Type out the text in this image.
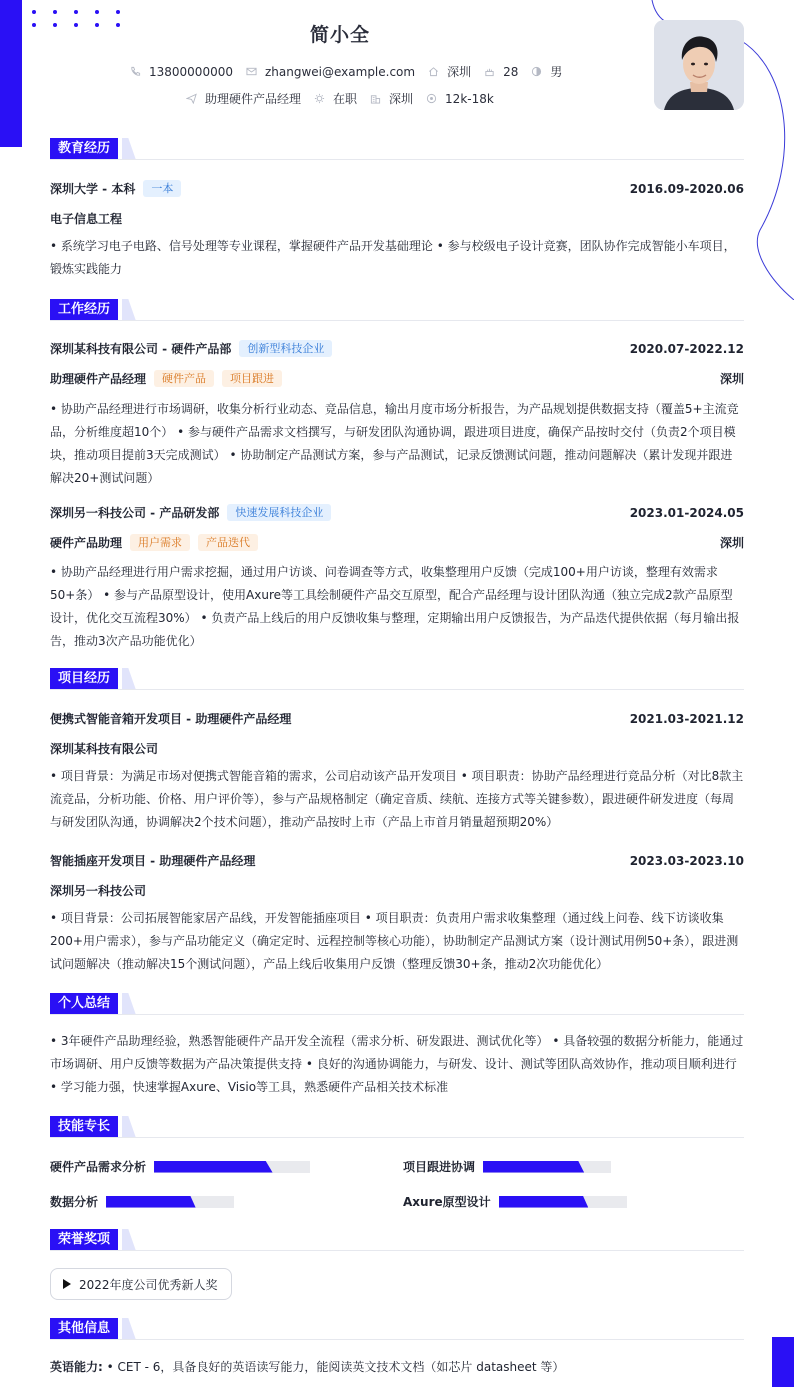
简小全
13800000000	zhangwei@example.com	深圳	28	男
助理硬件产品经理	在职	深圳	12k-18k
教育经历
深圳大学 - 本科	一本	2016.09-2020.06
电子信息工程
• 系统学习电子电路、信号处理等专业课程，掌握硬件产品开发基础理论 • 参与校级电子设计竞赛，团队协作完成智能小车项目，锻炼实践能力
工作经历
深圳某科技有限公司 - 硬件产品部	创新型科技企业	2020.07-2022.12
助理硬件产品经理	硬件产品	项目跟进	深圳
• 协助产品经理进行市场调研，收集分析行业动态、竞品信息，输出月度市场分析报告，为产品规划提供数据支持（覆盖5+主流竞品，分析维度超10个） • 参与硬件产品需求文档撰写，与研发团队沟通协调，跟进项目进度，确保产品按时交付（负责2个项目模块，推动项目提前3天完成测试） • 协助制定产品测试方案，参与产品测试，记录反馈测试问题，推动问题解决（累计发现并跟进解决20+测试问题）
深圳另一科技公司 - 产品研发部	快速发展科技企业	2023.01-2024.05
硬件产品助理	用户需求	产品迭代	深圳
• 协助产品经理进行用户需求挖掘，通过用户访谈、问卷调查等方式，收集整理用户反馈（完成100+用户访谈，整理有效需求50+条） • 参与产品原型设计，使用Axure等工具绘制硬件产品交互原型，配合产品经理与设计团队沟通（独立完成2款产品原型设计，优化交互流程30%） • 负责产品上线后的用户反馈收集与整理，定期输出用户反馈报告，为产品迭代提供依据（每月输出报告，推动3次产品功能优化）
项目经历
便携式智能音箱开发项目 - 助理硬件产品经理	2021.03-2021.12
深圳某科技有限公司
• 项目背景：为满足市场对便携式智能音箱的需求，公司启动该产品开发项目 • 项目职责：协助产品经理进行竞品分析（对比8款主流竞品，分析功能、价格、用户评价等），参与产品规格制定（确定音质、续航、连接方式等关键参数），跟进硬件研发进度（每周与研发团队沟通，协调解决2个技术问题），推动产品按时上市（产品上市首月销量超预期20%）
智能插座开发项目 - 助理硬件产品经理	2023.03-2023.10
深圳另一科技公司
• 项目背景：公司拓展智能家居产品线，开发智能插座项目 • 项目职责：负责用户需求收集整理（通过线上问卷、线下访谈收集200+用户需求），参与产品功能定义（确定定时、远程控制等核心功能），协助制定产品测试方案（设计测试用例50+条），跟进测试问题解决（推动解决15个测试问题），产品上线后收集用户反馈（整理反馈30+条，推动2次功能优化）
个人总结
• 3年硬件产品助理经验，熟悉智能硬件产品开发全流程（需求分析、研发跟进、测试优化等） • 具备较强的数据分析能力，能通过市场调研、用户反馈等数据为产品决策提供支持 • 良好的沟通协调能力，与研发、设计、测试等团队高效协作，推动项目顺利进行 • 学习能力强，快速掌握Axure、Visio等工具，熟悉硬件产品相关技术标准
技能专长
硬件产品需求分析	项目跟进协调
数据分析	Axure原型设计
荣誉奖项
2022年度公司优秀新人奖
其他信息
英语能力: • CET - 6，具备良好的英语读写能力，能阅读英文技术文档（如芯片 datasheet 等）
